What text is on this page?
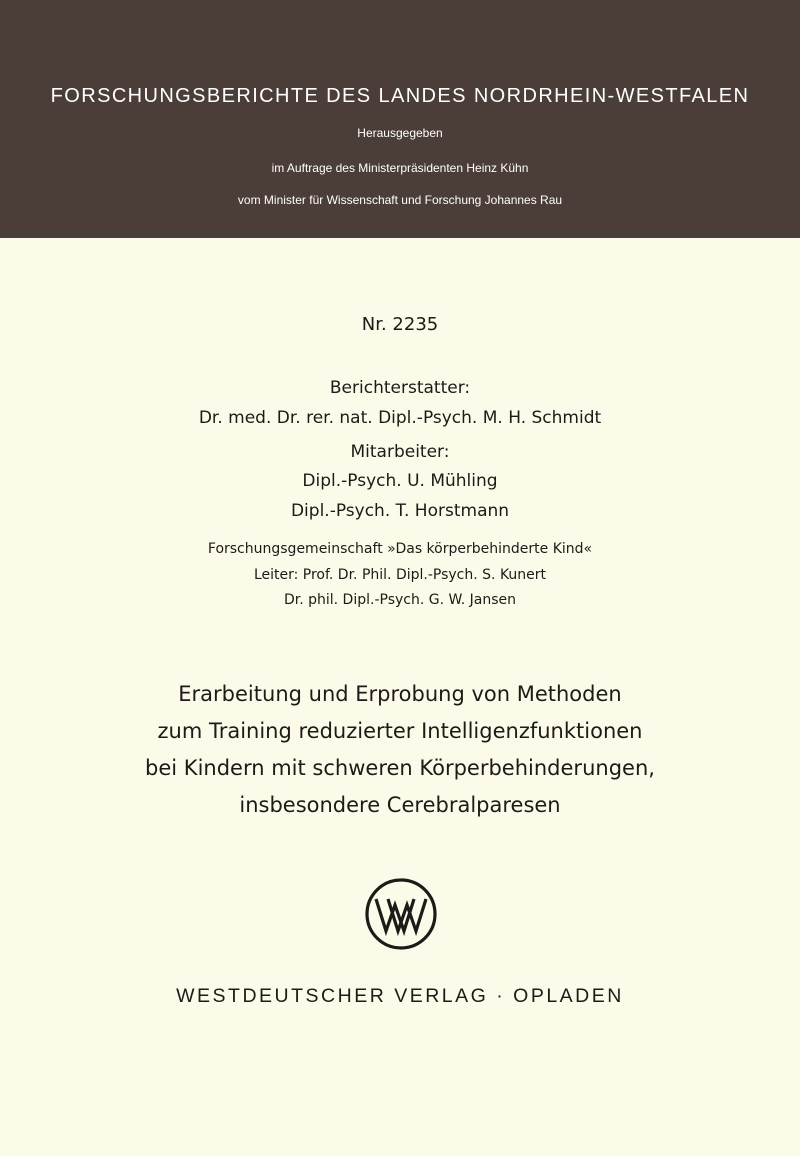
FORSCHUNGSBERICHTE DES LANDES NORDRHEIN-WESTFALEN
Herausgegeben
im Auftrage des Ministerpräsidenten Heinz Kühn
vom Minister für Wissenschaft und Forschung Johannes Rau
Nr. 2235
Berichterstatter:
Dr. med. Dr. rer. nat. Dipl.-Psych. M. H. Schmidt
Mitarbeiter:
Dipl.-Psych. U. Mühling
Dipl.-Psych. T. Horstmann
Forschungsgemeinschaft »Das körperbehinderte Kind«
Leiter: Prof. Dr. Phil. Dipl.-Psych. S. Kunert
Dr. phil. Dipl.-Psych. G. W. Jansen
Erarbeitung und Erprobung von Methoden
zum Training reduzierter Intelligenzfunktionen
bei Kindern mit schweren Körperbehinderungen,
insbesondere Cerebralparesen
WESTDEUTSCHER VERLAG · OPLADEN
